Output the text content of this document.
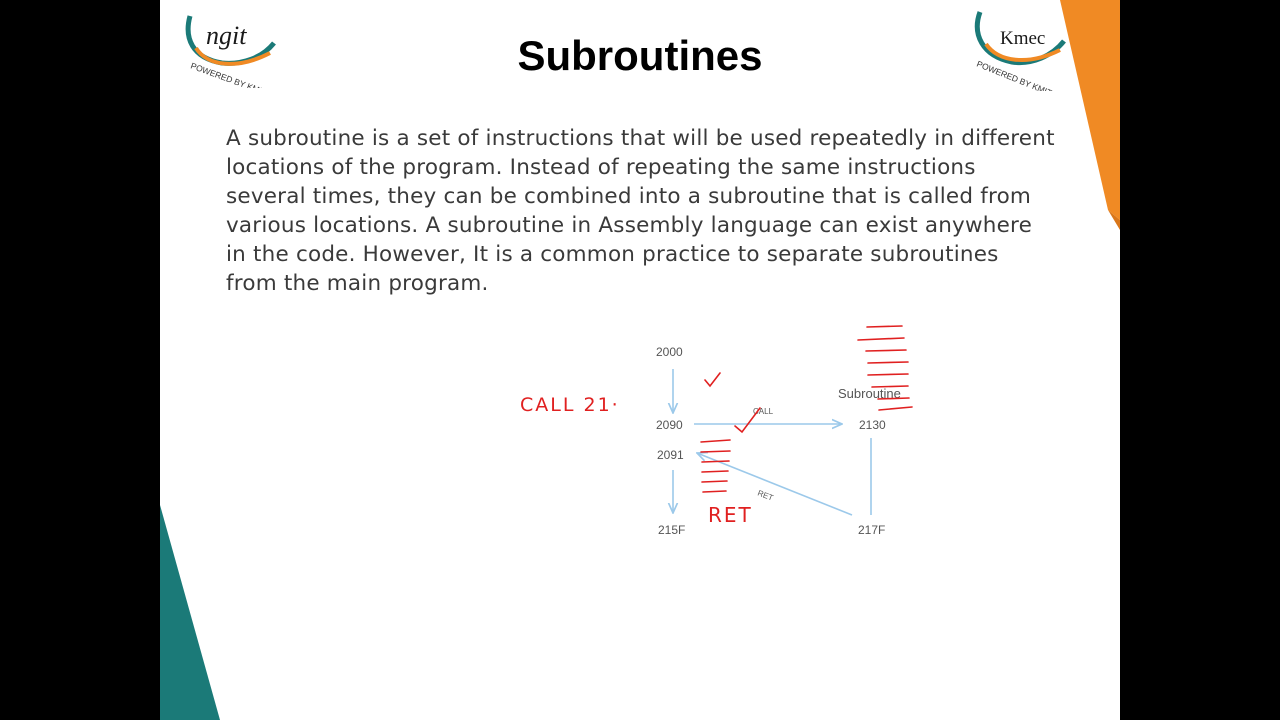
ngit
POWERED BY KMIT
Kmec
POWERED BY KMIT
Subroutines

A subroutine is a set of instructions that will be used repeatedly in different locations of the program. Instead of repeating the same instructions several times, they can be combined into a subroutine that is called from various locations. A subroutine in Assembly language can exist anywhere in the code. However, It is a common practice to separate subroutines from the main program.

2000
2090
2091
215F
Subroutine
2130
217F
CALL
RET
CALL 21·
RET
